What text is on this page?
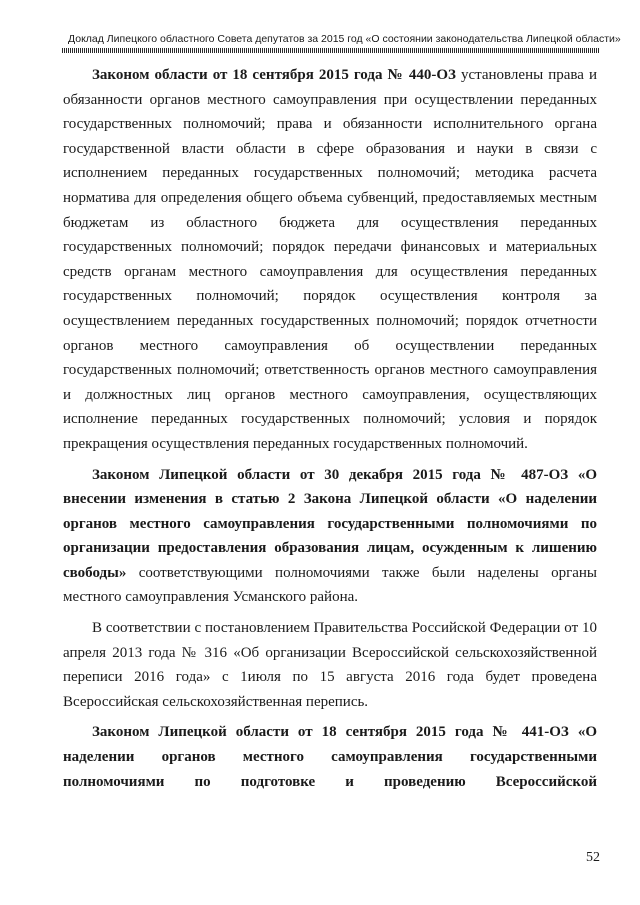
Доклад Липецкого областного Совета депутатов за 2015 год «О состоянии законодательства Липецкой области»

Законом области от 18 сентября 2015 года № 440-ОЗ установлены права и обязанности органов местного самоуправления при осуществлении переданных государственных полномочий; права и обязанности исполнительного органа государственной власти области в сфере образования и науки в связи с исполнением переданных государственных полномочий; методика расчета норматива для определения общего объема субвенций, предоставляемых местным бюджетам из областного бюджета для осуществления переданных государственных полномочий; порядок передачи финансовых и материальных средств органам местного самоуправления для осуществления переданных государственных полномочий; порядок осуществления контроля за осуществлением переданных государственных полномочий; порядок отчетности органов местного самоуправления об осуществлении переданных государственных полномочий; ответственность органов местного самоуправления и должностных лиц органов местного самоуправления, осуществляющих исполнение переданных государственных полномочий; условия и порядок прекращения осуществления переданных государственных полномочий.

Законом Липецкой области от 30 декабря 2015 года № 487-ОЗ «О внесении изменения в статью 2 Закона Липецкой области «О наделении органов местного самоуправления государственными полномочиями по организации предоставления образования лицам, осужденным к лишению свободы» соответствующими полномочиями также были наделены органы местного самоуправления Усманского района.

В соответствии с постановлением Правительства Российской Федерации от 10 апреля 2013 года № 316 «Об организации Всероссийской сельскохозяйственной переписи 2016 года» с 1июля по 15 августа 2016 года будет проведена Всероссийская сельскохозяйственная перепись.

Законом Липецкой области от 18 сентября 2015 года № 441-ОЗ «О наделении органов местного самоуправления государственными полномочиями по подготовке и проведению Всероссийской

52
